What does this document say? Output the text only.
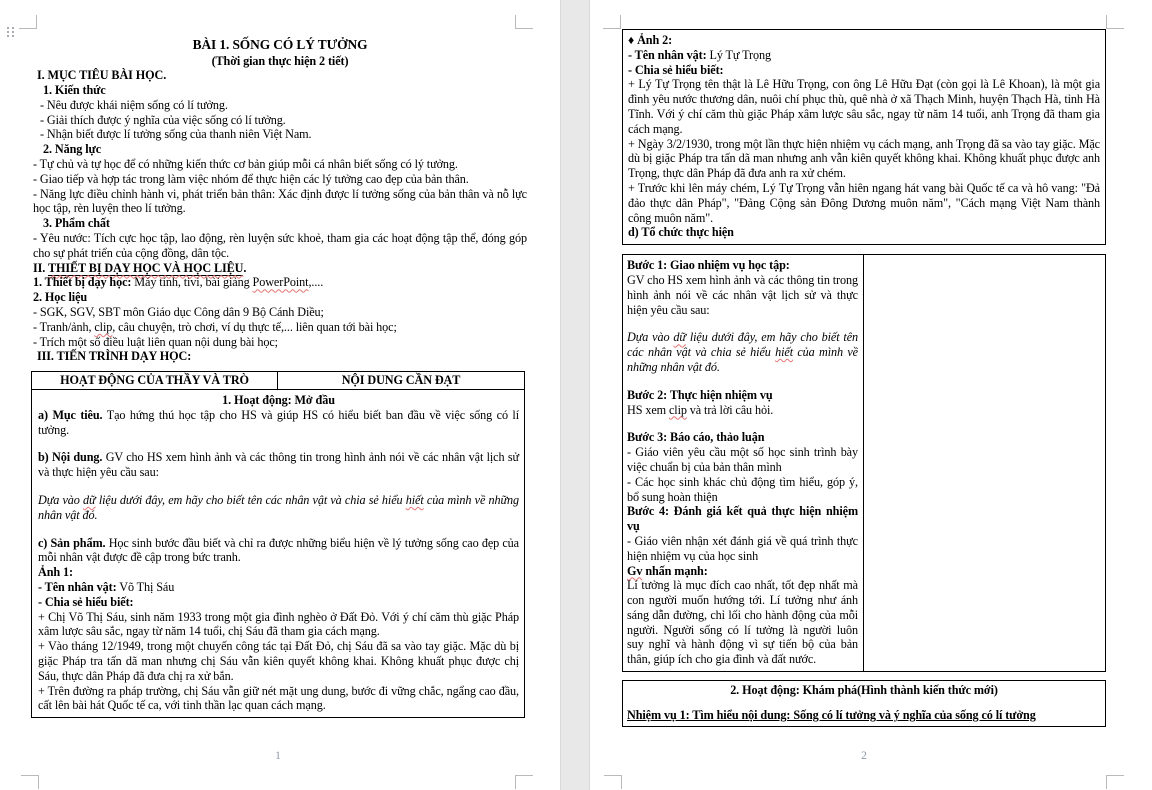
BÀI 1. SỐNG CÓ LÝ TƯỞNG
(Thời gian thực hiện 2 tiết)
I. MỤC TIÊU BÀI HỌC.
1. Kiến thức
- Nêu được khái niệm sống có lí tưởng.
- Giải thích được ý nghĩa của việc sống có lí tưởng.
- Nhận biết được lí tưởng sống của thanh niên Việt Nam.
2. Năng lực
- Tự chủ và tự học để có những kiến thức cơ bản giúp mỗi cá nhân biết sống có lý tưởng.
- Giao tiếp và hợp tác trong làm việc nhóm để thực hiện các lý tưởng cao đẹp của bản thân.
- Năng lực điều chỉnh hành vi, phát triển bản thân: Xác định được lí tưởng sống của bản thân và nỗ lực học tập, rèn luyện theo lí tưởng.
3. Phẩm chất
- Yêu nước: Tích cực học tập, lao động, rèn luyện sức khoẻ, tham gia các hoạt động tập thể, đóng góp cho sự phát triển của cộng đồng, dân tộc.
II. THIẾT BỊ DẠY HỌC VÀ HỌC LIỆU.
1. Thiết bị dạy học: Máy tính, tivi, bài giảng PowerPoint,....
2. Học liệu
- SGK, SGV, SBT môn Giáo dục Công dân 9 Bộ Cánh Diều;
- Tranh/ảnh, clip, câu chuyện, trò chơi, ví dụ thực tế,... liên quan tới bài học;
- Trích một số điều luật liên quan nội dung bài học;
III. TIẾN TRÌNH DẠY HỌC:
HOẠT ĐỘNG CỦA THẦY VÀ TRÒ	NỘI DUNG CẦN ĐẠT
1. Hoạt động: Mở đầu
a) Mục tiêu. Tạo hứng thú học tập cho HS và giúp HS có hiểu biết ban đầu về việc sống có lí tưởng.
b) Nội dung. GV cho HS xem hình ảnh và các thông tin trong hình ảnh nói về các nhân vật lịch sử và thực hiện yêu cầu sau:
Dựa vào dữ liệu dưới đây, em hãy cho biết tên các nhân vật và chia sẻ hiểu hiết của mình về những nhân vật đó.
c) Sản phẩm. Học sinh bước đầu biết và chỉ ra được những biểu hiện về lý tưởng sống cao đẹp của mỗi nhân vật được đề cập trong bức tranh.
Ảnh 1:
- Tên nhân vật: Võ Thị Sáu
- Chia sẻ hiểu biết:
+ Chị Võ Thị Sáu, sinh năm 1933 trong một gia đình nghèo ở Đất Đỏ. Với ý chí căm thù giặc Pháp xâm lược sâu sắc, ngay từ năm 14 tuổi, chị Sáu đã tham gia cách mạng.
+ Vào tháng 12/1949, trong một chuyến công tác tại Đất Đỏ, chị Sáu đã sa vào tay giặc. Mặc dù bị giặc Pháp tra tấn dã man nhưng chị Sáu vẫn kiên quyết không khai. Không khuất phục được chị Sáu, thực dân Pháp đã đưa chị ra xử bắn.
+ Trên đường ra pháp trường, chị Sáu vẫn giữ nét mặt ung dung, bước đi vững chắc, ngẩng cao đầu, cất lên bài hát Quốc tế ca, với tinh thần lạc quan cách mạng.
1
♦ Ảnh 2:
- Tên nhân vật: Lý Tự Trọng
- Chia sẻ hiểu biết:
+ Lý Tự Trọng tên thật là Lê Hữu Trọng, con ông Lê Hữu Đạt (còn gọi là Lê Khoan), là một gia đình yêu nước thương dân, nuôi chí phục thù, quê nhà ở xã Thạch Minh, huyện Thạch Hà, tỉnh Hà Tĩnh. Với ý chí căm thù giặc Pháp xâm lược sâu sắc, ngay từ năm 14 tuổi, anh Trọng đã tham gia cách mạng.
+ Ngày 3/2/1930, trong một lần thực hiện nhiệm vụ cách mạng, anh Trọng đã sa vào tay giặc. Mặc dù bị giặc Pháp tra tấn dã man nhưng anh vẫn kiên quyết không khai. Không khuất phục được anh Trọng, thực dân Pháp đã đưa anh ra xử chém.
+ Trước khi lên máy chém, Lý Tự Trọng vẫn hiên ngang hát vang bài Quốc tế ca và hô vang: "Đả đảo thực dân Pháp", "Đảng Cộng sản Đông Dương muôn năm", "Cách mạng Việt Nam thành công muôn năm".
d) Tổ chức thực hiện
Bước 1: Giao nhiệm vụ học tập:
GV cho HS xem hình ảnh và các thông tin trong hình ảnh nói về các nhân vật lịch sử và thực hiện yêu cầu sau:
Dựa vào dữ liệu dưới đây, em hãy cho biết tên các nhân vật và chia sẻ hiểu hiết của mình về những nhân vật đó.
Bước 2: Thực hiện nhiệm vụ
HS xem clip và trả lời câu hỏi.
Bước 3: Báo cáo, thảo luận
- Giáo viên yêu cầu một số học sinh trình bày việc chuẩn bị của bản thân mình
- Các học sinh khác chủ động tìm hiểu, góp ý, bổ sung hoàn thiện
Bước 4: Đánh giá kết quả thực hiện nhiệm vụ
- Giáo viên nhận xét đánh giá về quá trình thực hiện nhiệm vụ của học sinh
Gv nhấn mạnh:
Lí tưởng là mục đích cao nhất, tốt đẹp nhất mà con người muốn hướng tới. Lí tưởng như ánh sáng dẫn đường, chỉ lối cho hành động của mỗi người. Người sống có lí tưởng là người luôn suy nghĩ và hành động vì sự tiến bộ của bản thân, giúp ích cho gia đình và đất nước.
2. Hoạt động: Khám phá(Hình thành kiến thức mới)
Nhiệm vụ 1: Tìm hiểu nội dung: Sống có lí tưởng và ý nghĩa của sống có lí tưởng
2
